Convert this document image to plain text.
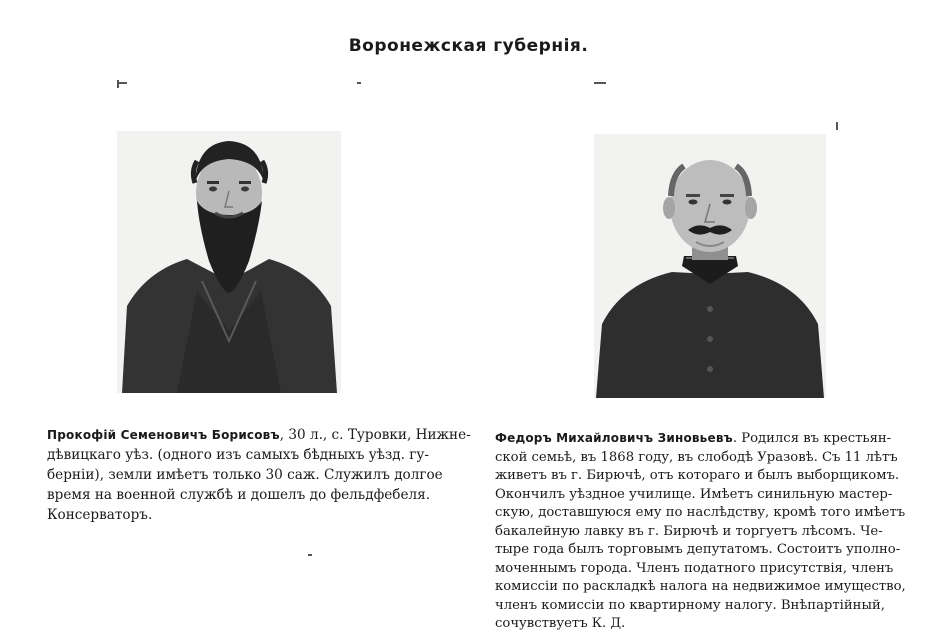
Воронежская губернія.
Прокофій Семеновичъ Борисовъ, 30 л., с. Туровки, Нижне-
дѣвицкаго уѣз. (одного изъ самыхъ бѣдныхъ уѣзд. гу-
берніи), земли имѣетъ только 30 саж. Служилъ долгое
время на военной службѣ и дошелъ до фельдфебеля.
Консерваторъ.
Федоръ Михайловичъ Зиновьевъ. Родился въ крестьян-
ской семьѣ, въ 1868 году, въ слободѣ Уразовѣ. Съ 11 лѣтъ
живетъ въ г. Бирючѣ, отъ котораго и былъ выборщикомъ.
Окончилъ уѣздное училище. Имѣетъ синильную мастер-
скую, доставшуюся ему по наслѣдству, кромѣ того имѣетъ
бакалейную лавку въ г. Бирючѣ и торгуетъ лѣсомъ. Че-
тыре года былъ торговымъ депутатомъ. Состоитъ уполно-
моченнымъ города. Членъ податного присутствія, членъ
комиссіи по раскладкѣ налога на недвижимое имущество,
членъ комиссіи по квартирному налогу. Внѣпартійный,
сочувствуетъ К. Д.
